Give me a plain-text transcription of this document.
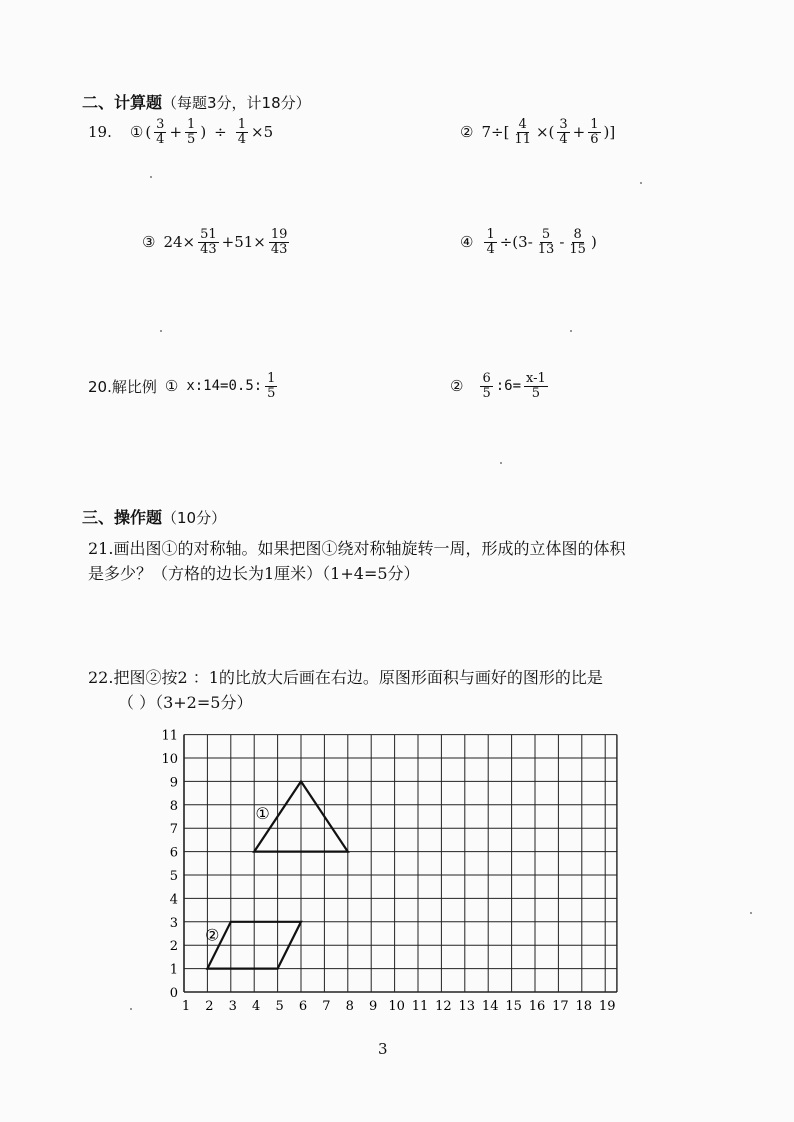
二、计算题（每题3分，计18分）
19. ① ( $\frac{3}{4} + \frac{1}{5}$ ) ÷ $\frac{1}{4} \times 5$	② $7\div[ \frac{4}{11}$ ×( $\frac{3}{4} + \frac{1}{6}$ )]
③ $24\times \frac{51}{43} +51\times \frac{19}{43}$	④ $\frac{1}{4} \div(3- \frac{5}{13} - \frac{8}{15}$ )
20.解比例 ① x:14=0.5: $\frac{1}{5}$	② $\frac{6}{5}$ :6= $\frac{x-1}{5}$
三、操作题（10分）
21.画出图①的对称轴。如果把图①绕对称轴旋转一周，形成的立体图的体积
是多少？（方格的边长为1厘米）（1+4=5分）
22.把图②按2 ：1的比放大后画在右边。原图形面积与画好的图形的比是
（ ）（3+2=5分）
0
1
2
3
4
5
6
7
8
9
10
11
1 2 3 4 5 6 7 8 9 10 11 12 13 14 15 16 17 18 19
①
②
3
